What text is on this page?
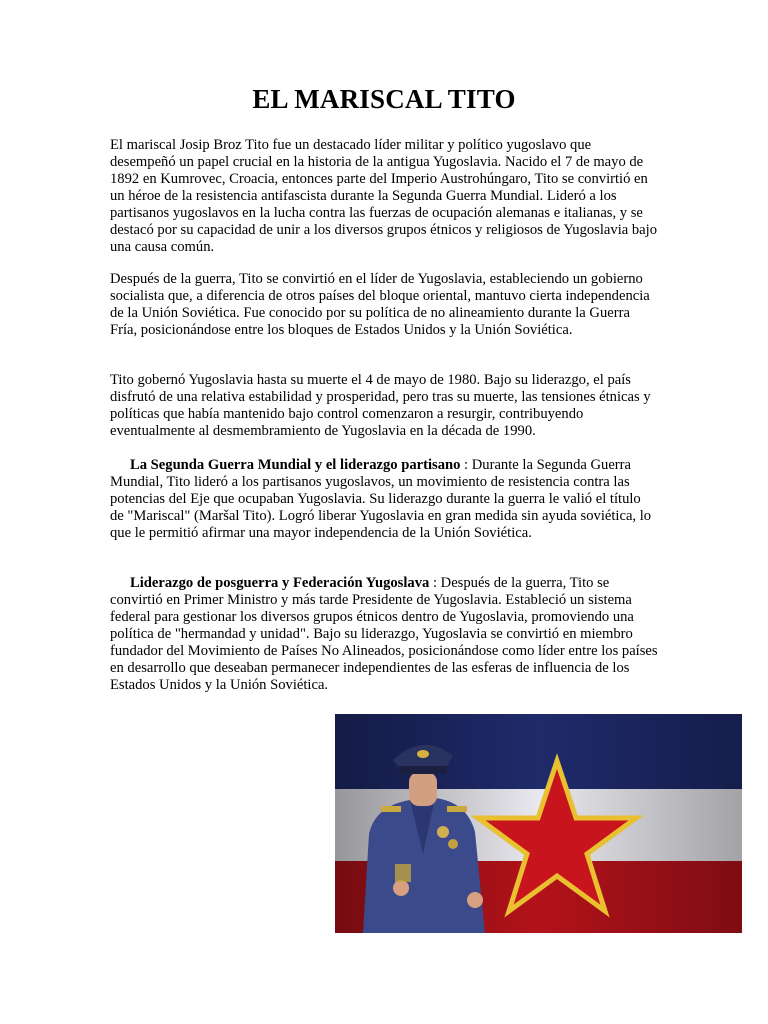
EL MARISCAL TITO

El mariscal Josip Broz Tito fue un destacado líder militar y político yugoslavo que desempeñó un papel crucial en la historia de la antigua Yugoslavia. Nacido el 7 de mayo de 1892 en Kumrovec, Croacia, entonces parte del Imperio Austrohúngaro, Tito se convirtió en un héroe de la resistencia antifascista durante la Segunda Guerra Mundial. Lideró a los partisanos yugoslavos en la lucha contra las fuerzas de ocupación alemanas e italianas, y se destacó por su capacidad de unir a los diversos grupos étnicos y religiosos de Yugoslavia bajo una causa común.

Después de la guerra, Tito se convirtió en el líder de Yugoslavia, estableciendo un gobierno socialista que, a diferencia de otros países del bloque oriental, mantuvo cierta independencia de la Unión Soviética. Fue conocido por su política de no alineamiento durante la Guerra Fría, posicionándose entre los bloques de Estados Unidos y la Unión Soviética.

Tito gobernó Yugoslavia hasta su muerte el 4 de mayo de 1980. Bajo su liderazgo, el país disfrutó de una relativa estabilidad y prosperidad, pero tras su muerte, las tensiones étnicas y políticas que había mantenido bajo control comenzaron a resurgir, contribuyendo eventualmente al desmembramiento de Yugoslavia en la década de 1990.

La Segunda Guerra Mundial y el liderazgo partisano : Durante la Segunda Guerra Mundial, Tito lideró a los partisanos yugoslavos, un movimiento de resistencia contra las potencias del Eje que ocupaban Yugoslavia. Su liderazgo durante la guerra le valió el título de "Mariscal" (Maršal Tito). Logró liberar Yugoslavia en gran medida sin ayuda soviética, lo que le permitió afirmar una mayor independencia de la Unión Soviética.

Liderazgo de posguerra y Federación Yugoslava : Después de la guerra, Tito se convirtió en Primer Ministro y más tarde Presidente de Yugoslavia. Estableció un sistema federal para gestionar los diversos grupos étnicos dentro de Yugoslavia, promoviendo una política de "hermandad y unidad". Bajo su liderazgo, Yugoslavia se convirtió en miembro fundador del Movimiento de Países No Alineados, posicionándose como líder entre los países en desarrollo que deseaban permanecer independientes de las esferas de influencia de los Estados Unidos y la Unión Soviética.
